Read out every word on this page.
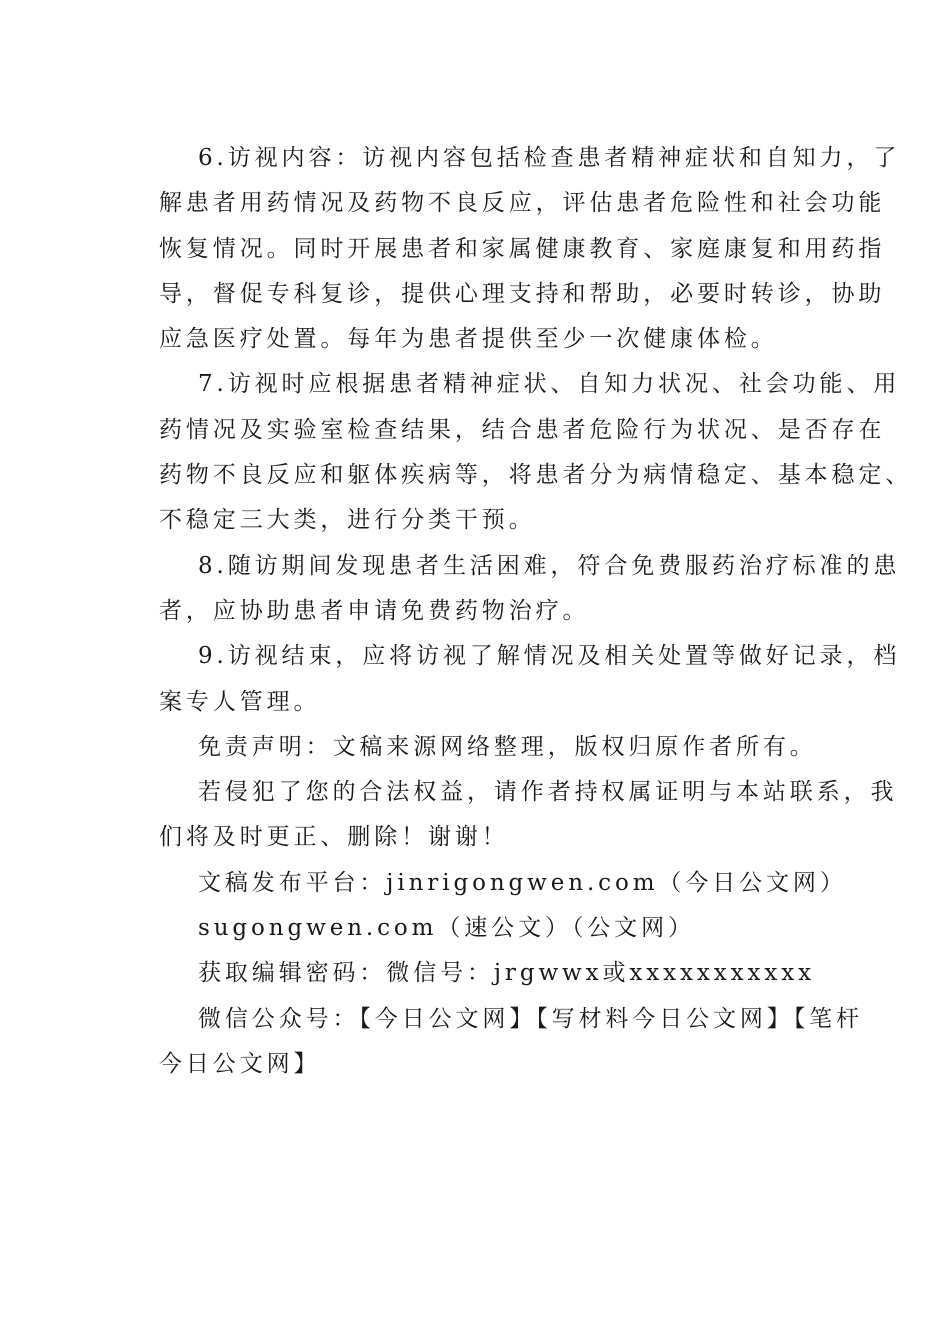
6.访视内容：访视内容包括检查患者精神症状和自知力，了
解患者用药情况及药物不良反应，评估患者危险性和社会功能
恢复情况。同时开展患者和家属健康教育、家庭康复和用药指
导，督促专科复诊，提供心理支持和帮助，必要时转诊，协助
应急医疗处置。每年为患者提供至少一次健康体检。
7.访视时应根据患者精神症状、自知力状况、社会功能、用
药情况及实验室检查结果，结合患者危险行为状况、是否存在
药物不良反应和躯体疾病等，将患者分为病情稳定、基本稳定、
不稳定三大类，进行分类干预。
8.随访期间发现患者生活困难，符合免费服药治疗标准的患
者，应协助患者申请免费药物治疗。
9.访视结束，应将访视了解情况及相关处置等做好记录，档
案专人管理。
免责声明：文稿来源网络整理，版权归原作者所有。
若侵犯了您的合法权益，请作者持权属证明与本站联系，我
们将及时更正、删除！谢谢！
文稿发布平台：jinrigongwen.com（今日公文网）
sugongwen.com（速公文）（公文网）
获取编辑密码：微信号：jrgwwx或xxxxxxxxxxx
微信公众号：【今日公文网】【写材料今日公文网】【笔杆
今日公文网】
